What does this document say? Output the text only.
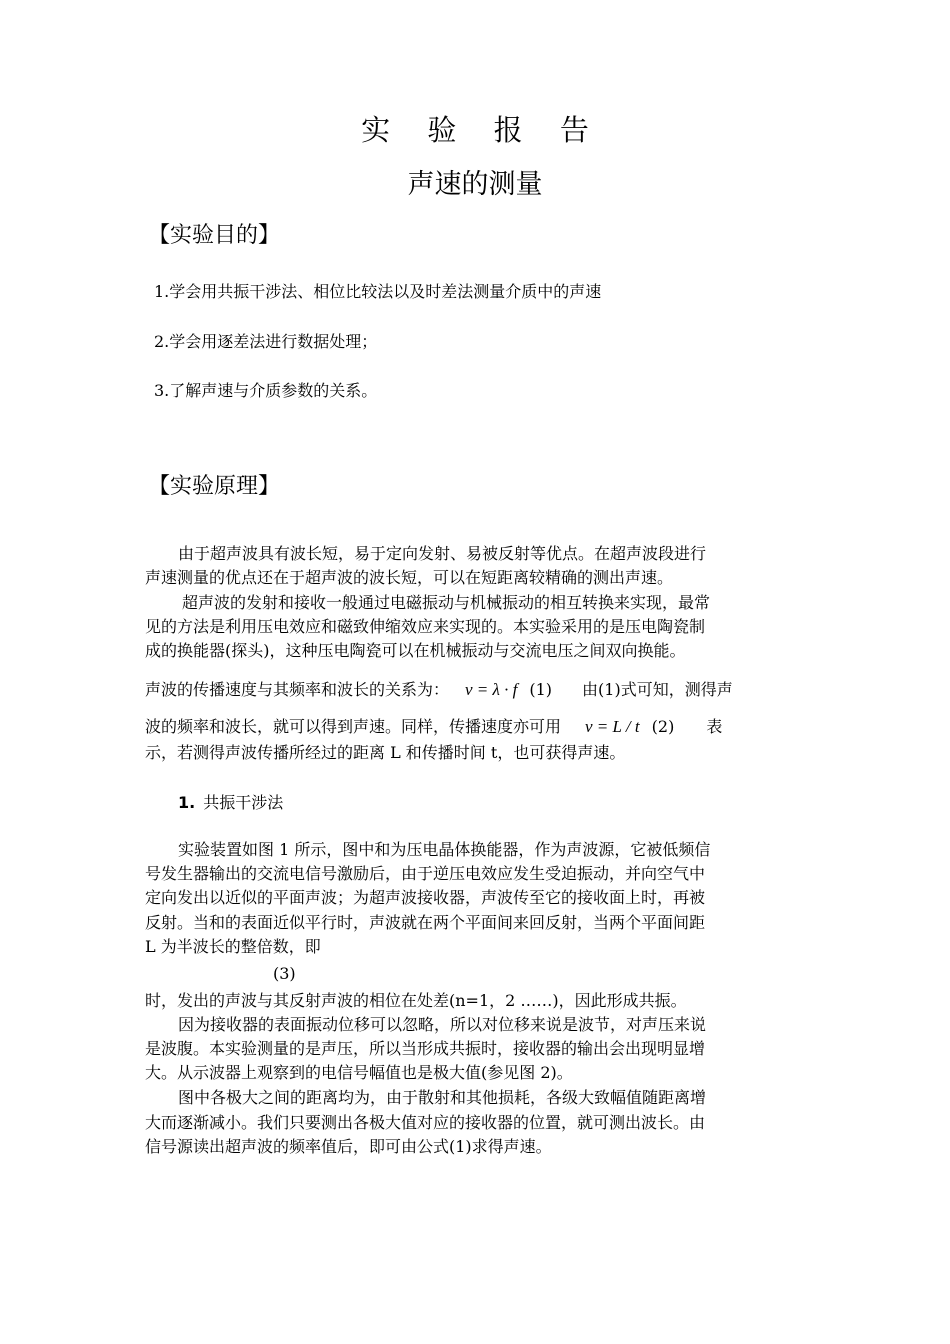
实 验 报 告
声速的测量
【实验目的】
1.学会用共振干涉法、相位比较法以及时差法测量介质中的声速
2.学会用逐差法进行数据处理；
3.了解声速与介质参数的关系。
【实验原理】
由于超声波具有波长短，易于定向发射、易被反射等优点。在超声波段进行
声速测量的优点还在于超声波的波长短，可以在短距离较精确的测出声速。
超声波的发射和接收一般通过电磁振动与机械振动的相互转换来实现，最常
见的方法是利用压电效应和磁致伸缩效应来实现的。本实验采用的是压电陶瓷制
成的换能器(探头)，这种压电陶瓷可以在机械振动与交流电压之间双向换能。
声波的传播速度与其频率和波长的关系为： v = λ · f (1) 由(1)式可知，测得声
波的频率和波长，就可以得到声速。同样，传播速度亦可用 v = L / t (2) 表
示，若测得声波传播所经过的距离 L 和传播时间 t，也可获得声速。
1. 共振干涉法
实验装置如图 1 所示，图中和为压电晶体换能器，作为声波源，它被低频信
号发生器输出的交流电信号激励后，由于逆压电效应发生受迫振动，并向空气中
定向发出以近似的平面声波；为超声波接收器，声波传至它的接收面上时，再被
反射。当和的表面近似平行时，声波就在两个平面间来回反射，当两个平面间距
L 为半波长的整倍数，即
(3)
时，发出的声波与其反射声波的相位在处差(n=1，2 ……)，因此形成共振。
因为接收器的表面振动位移可以忽略，所以对位移来说是波节，对声压来说
是波腹。本实验测量的是声压，所以当形成共振时，接收器的输出会出现明显增
大。从示波器上观察到的电信号幅值也是极大值(参见图 2)。
图中各极大之间的距离均为，由于散射和其他损耗，各级大致幅值随距离增
大而逐渐减小。我们只要测出各极大值对应的接收器的位置，就可测出波长。由
信号源读出超声波的频率值后，即可由公式(1)求得声速。
